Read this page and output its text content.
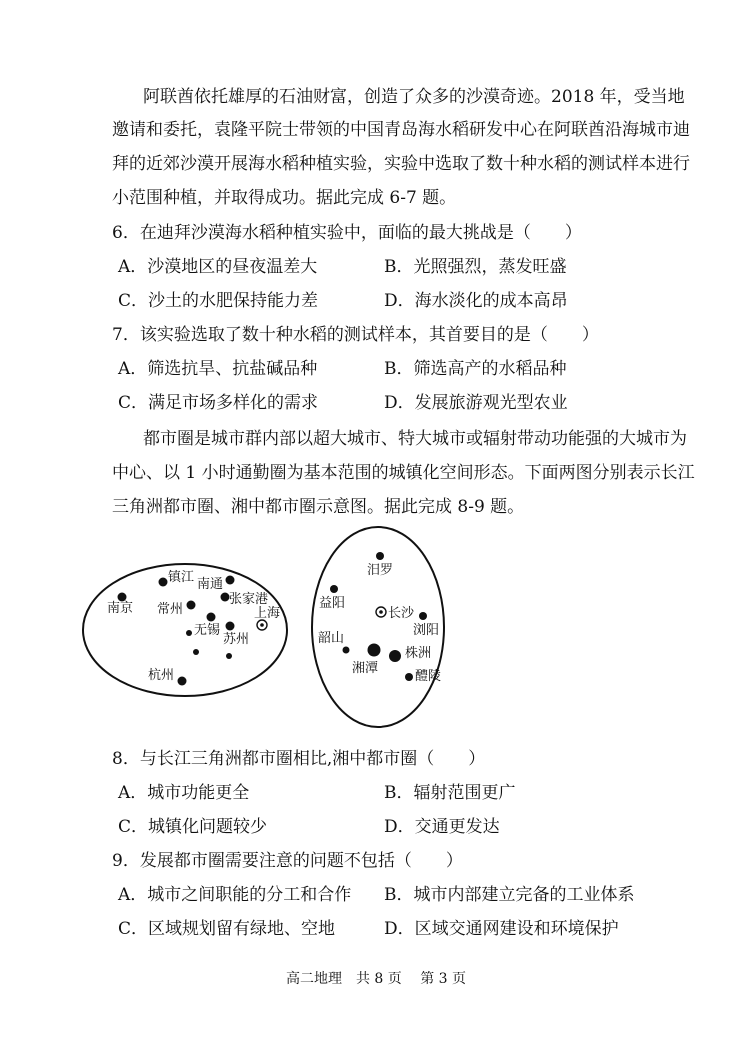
阿联酋依托雄厚的石油财富，创造了众多的沙漠奇迹。2018 年，受当地
邀请和委托，袁隆平院士带领的中国青岛海水稻研发中心在阿联酋沿海城市迪
拜的近郊沙漠开展海水稻种植实验，实验中选取了数十种水稻的测试样本进行
小范围种植，并取得成功。据此完成 6-7 题。
6．在迪拜沙漠海水稻种植实验中，面临的最大挑战是（　　）
A．沙漠地区的昼夜温差大	B．光照强烈，蒸发旺盛
C．沙土的水肥保持能力差	D．海水淡化的成本高昂
7．该实验选取了数十种水稻的测试样本，其首要目的是（　　）
A．筛选抗旱、抗盐碱品种	B．筛选高产的水稻品种
C．满足市场多样化的需求	D．发展旅游观光型农业
都市圈是城市群内部以超大城市、特大城市或辐射带动功能强的大城市为
中心、以 1 小时通勤圈为基本范围的城镇化空间形态。下面两图分别表示长江
三角洲都市圈、湘中都市圈示意图。据此完成 8-9 题。
镇江 南通
南京 常州
张家港
上海
无锡
苏州
杭州
汨罗
益阳
长沙
浏阳
韶山
株洲
湘潭
醴陵
8．与长江三角洲都市圈相比,湘中都市圈（　　）
A．城市功能更全	B．辐射范围更广
C．城镇化问题较少	D．交通更发达
9．发展都市圈需要注意的问题不包括（　　）
A．城市之间职能的分工和合作 B．城市内部建立完备的工业体系
C．区域规划留有绿地、空地	D．区域交通网建设和环境保护
高二地理　共 8 页　 第 3 页
